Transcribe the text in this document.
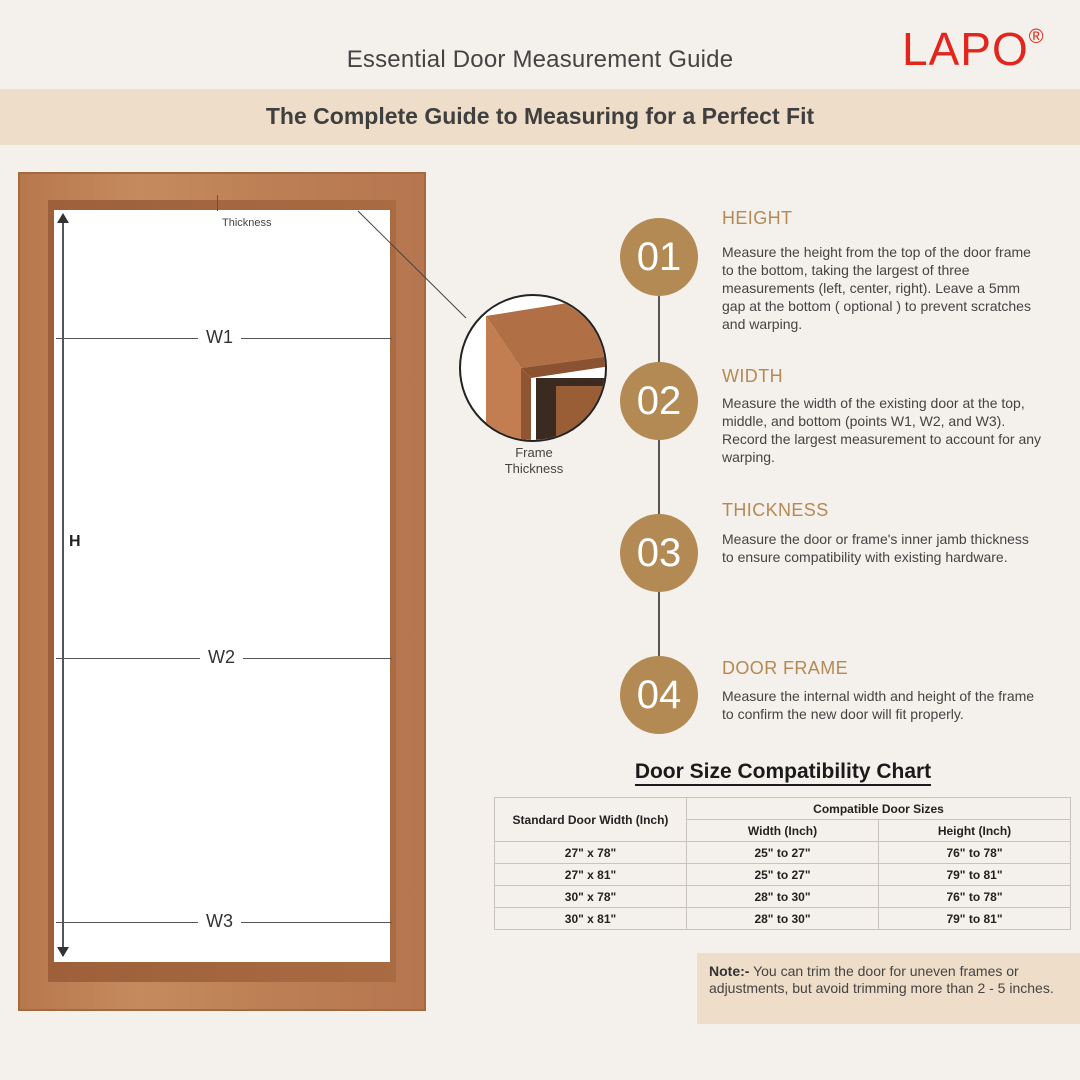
Essential Door Measurement Guide	LAPO®
The Complete Guide to Measuring for a Perfect Fit
Thickness
H
W1
W2
W3
Frame
Thickness
01
HEIGHT
Measure the height from the top of the door frame to the bottom, taking the largest of three measurements (left, center, right). Leave a 5mm gap at the bottom ( optional ) to prevent scratches and warping.
02
WIDTH
Measure the width of the existing door at the top, middle, and bottom (points W1, W2, and W3). Record the largest measurement to account for any warping.
03
THICKNESS
Measure the door or frame's inner jamb thickness to ensure compatibility with existing hardware.
04
DOOR FRAME
Measure the internal width and height of the frame to confirm the new door will fit properly.
Door Size Compatibility Chart
Standard Door Width (Inch)	Compatible Door Sizes	
	Width (Inch)	Height (Inch)
27" x 78"	25" to 27"	76" to 78"
27" x 81"	25" to 27"	79" to 81"
30" x 78"	28" to 30"	76" to 78"
30" x 81"	28" to 30"	79" to 81"
Note:- You can trim the door for uneven frames or adjustments, but avoid trimming more than 2 - 5 inches.
